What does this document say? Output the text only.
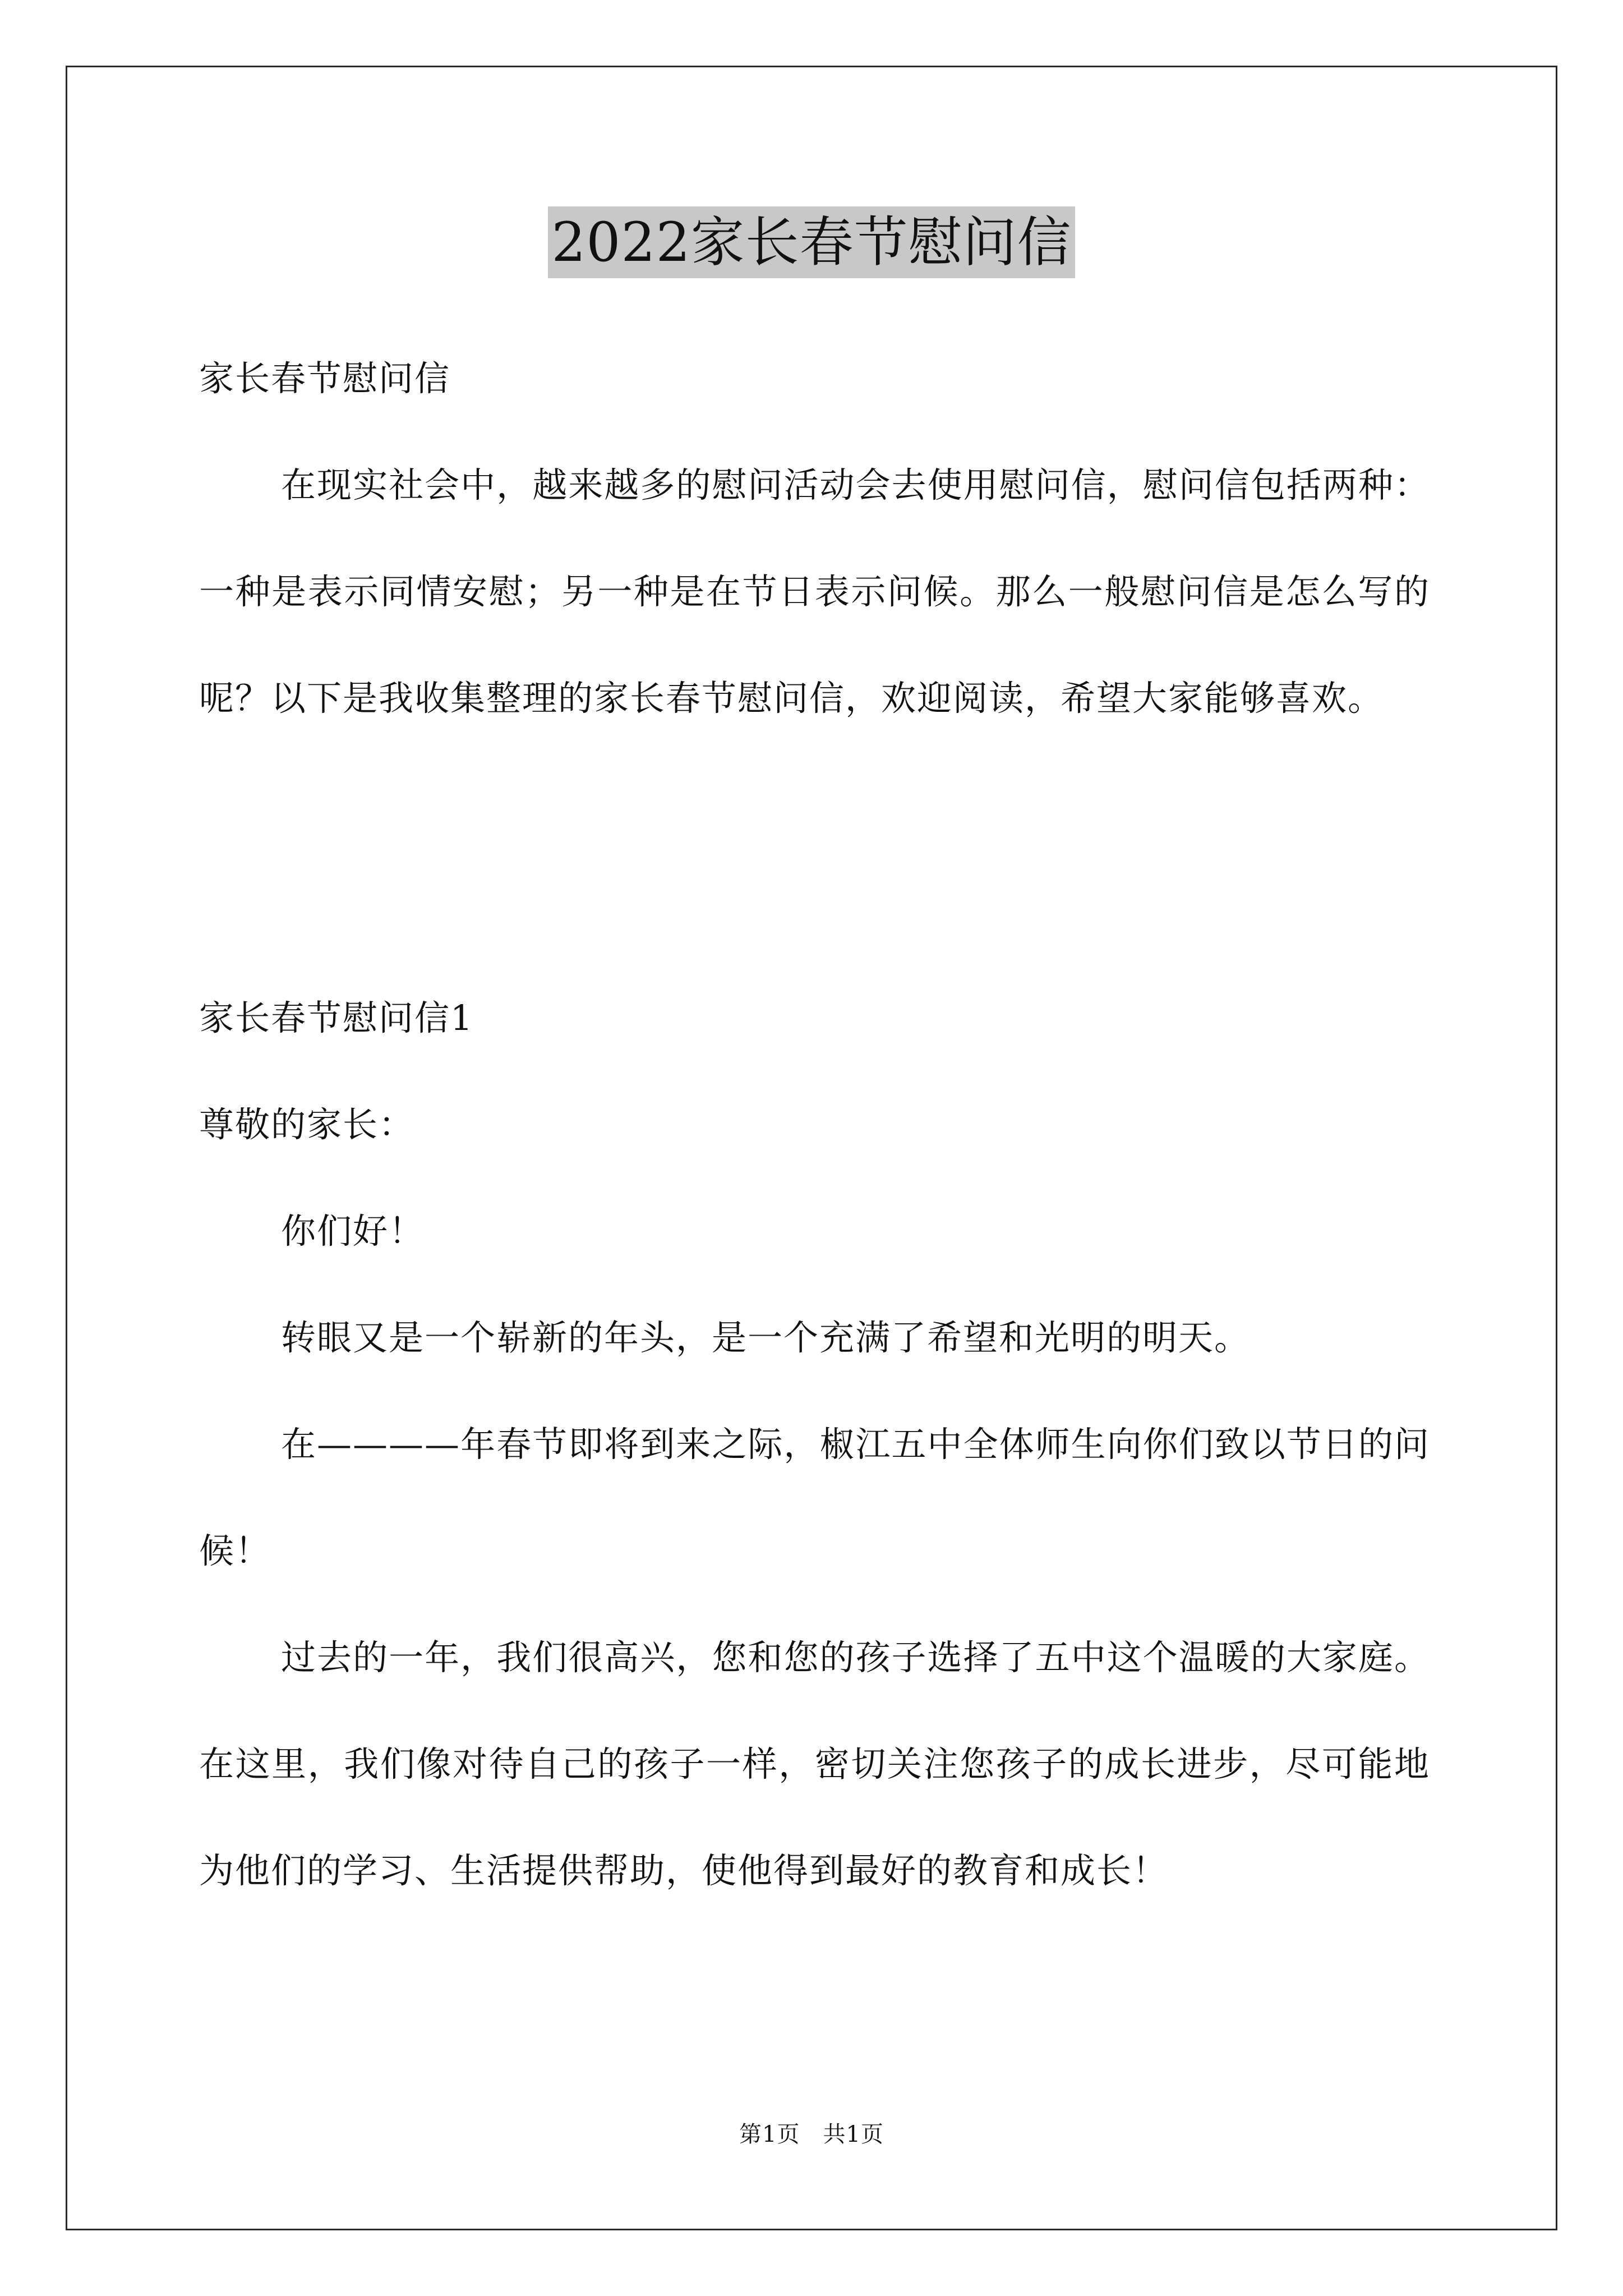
2022家长春节慰问信

家长春节慰问信

在现实社会中，越来越多的慰问活动会去使用慰问信，慰问信包括两种：一种是表示同情安慰；另一种是在节日表示问候。那么一般慰问信是怎么写的呢？以下是我收集整理的家长春节慰问信，欢迎阅读，希望大家能够喜欢。

家长春节慰问信1

尊敬的家长：

你们好！

转眼又是一个崭新的年头，是一个充满了希望和光明的明天。

在————年春节即将到来之际，椒江五中全体师生向你们致以节日的问候！

过去的一年，我们很高兴，您和您的孩子选择了五中这个温暖的大家庭。在这里，我们像对待自己的孩子一样，密切关注您孩子的成长进步，尽可能地为他们的学习、生活提供帮助，使他得到最好的教育和成长！

第1页　共1页
